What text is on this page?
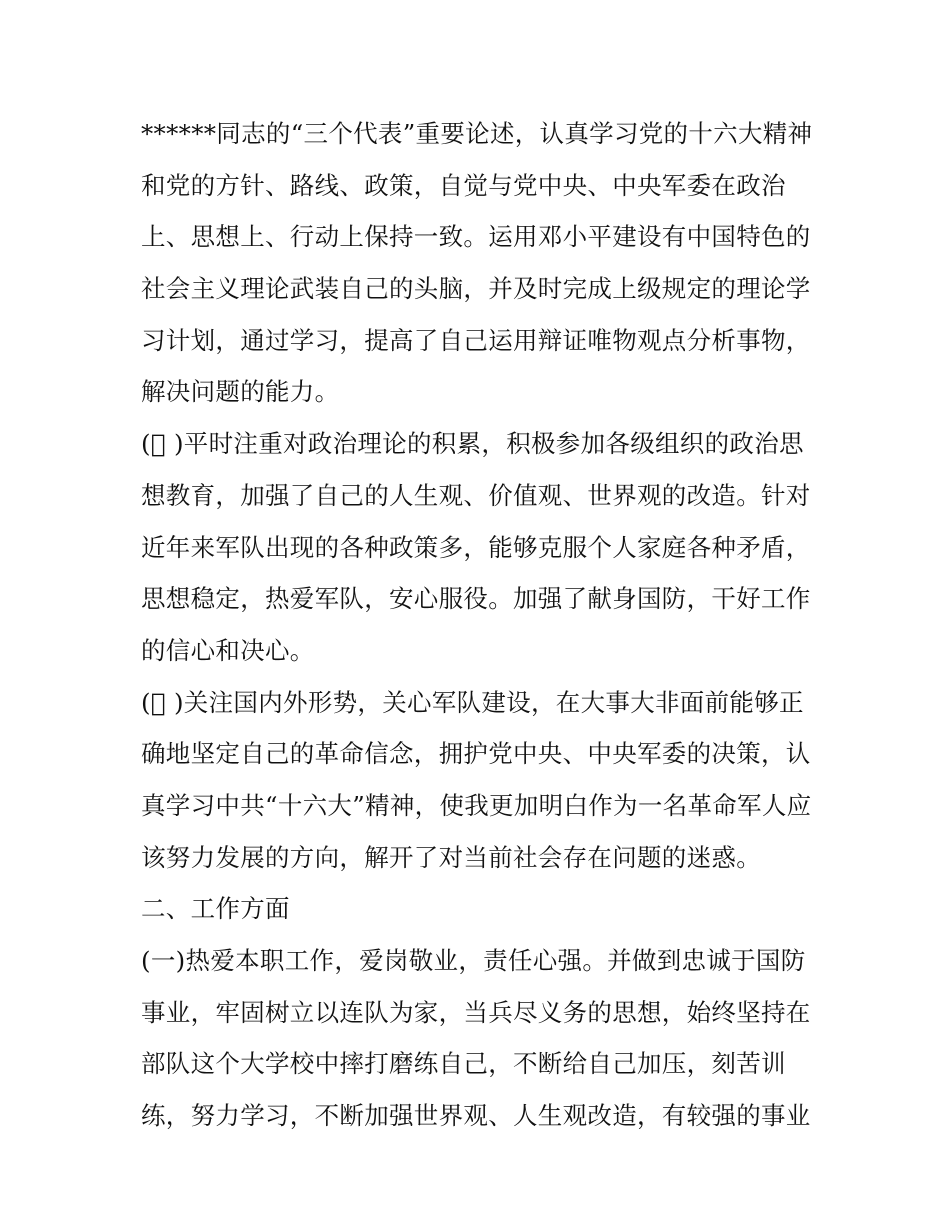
******同志的“三个代表”重要论述，认真学习党的十六大精神
和党的方针、路线、政策，自觉与党中央、中央军委在政治
上、思想上、行动上保持一致。运用邓小平建设有中国特色的
社会主义理论武装自己的头脑，并及时完成上级规定的理论学
习计划，通过学习，提高了自己运用辩证唯物观点分析事物，
解决问题的能力。
(􀀁 )平时注重对政治理论的积累，积极参加各级组织的政治思
想教育，加强了自己的人生观、价值观、世界观的改造。针对
近年来军队出现的各种政策多，能够克服个人家庭各种矛盾，
思想稳定，热爱军队，安心服役。加强了献身国防，干好工作
的信心和决心。
(􀀁 )关注国内外形势，关心军队建设，在大事大非面前能够正
确地坚定自己的革命信念，拥护党中央、中央军委的决策，认
真学习中共“十六大”精神，使我更加明白作为一名革命军人应
该努力发展的方向，解开了对当前社会存在问题的迷惑。
二、工作方面
(一)热爱本职工作，爱岗敬业，责任心强。并做到忠诚于国防
事业，牢固树立以连队为家，当兵尽义务的思想，始终坚持在
部队这个大学校中摔打磨练自己，不断给自己加压，刻苦训
练，努力学习，不断加强世界观、人生观改造，有较强的事业
